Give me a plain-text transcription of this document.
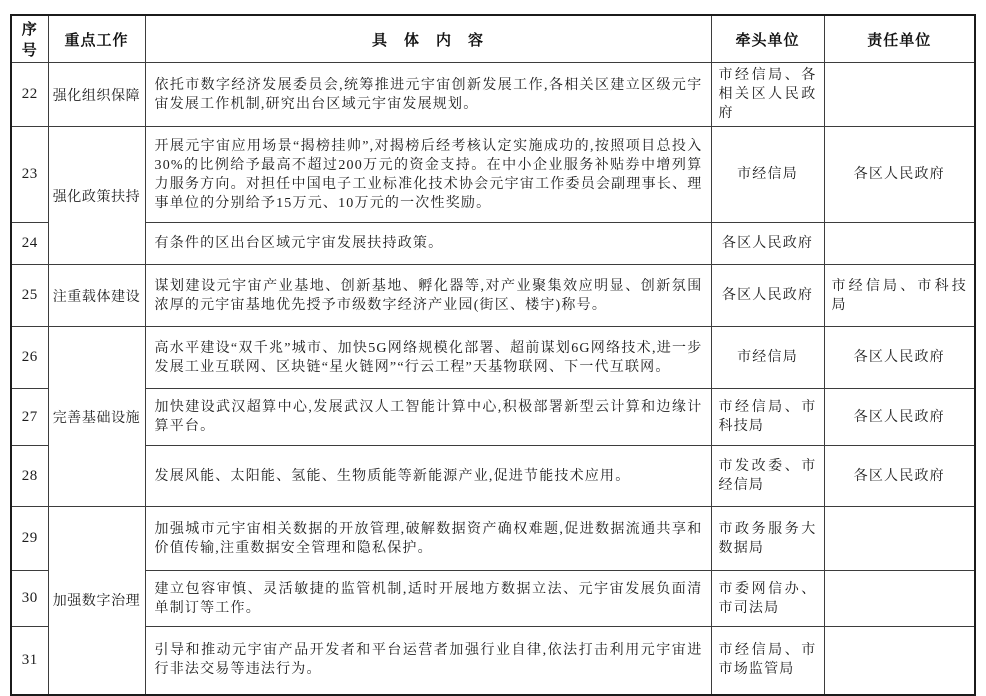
序号	重点工作	具　体　内　容	牵头单位	责任单位
22	强化组织保障	依托市数字经济发展委员会,统筹推进元宇宙创新发展工作,各相关区建立区级元宇宙发展工作机制,研究出台区域元宇宙发展规划。	市经信局、各相关区人民政府	
23	强化政策扶持	开展元宇宙应用场景“揭榜挂帅”,对揭榜后经考核认定实施成功的,按照项目总投入30%的比例给予最高不超过200万元的资金支持。在中小企业服务补贴券中增列算力服务方向。对担任中国电子工业标准化技术协会元宇宙工作委员会副理事长、理事单位的分别给予15万元、10万元的一次性奖励。	市经信局	各区人民政府
24		有条件的区出台区域元宇宙发展扶持政策。	各区人民政府	
25	注重载体建设	谋划建设元宇宙产业基地、创新基地、孵化器等,对产业聚集效应明显、创新氛围浓厚的元宇宙基地优先授予市级数字经济产业园(街区、楼宇)称号。	各区人民政府	市经信局、市科技局
26	完善基础设施	高水平建设“双千兆”城市、加快5G网络规模化部署、超前谋划6G网络技术,进一步发展工业互联网、区块链“星火链网”“行云工程”天基物联网、下一代互联网。	市经信局	各区人民政府
27		加快建设武汉超算中心,发展武汉人工智能计算中心,积极部署新型云计算和边缘计算平台。	市经信局、市科技局	各区人民政府
28		发展风能、太阳能、氢能、生物质能等新能源产业,促进节能技术应用。	市发改委、市经信局	各区人民政府
29	加强数字治理	加强城市元宇宙相关数据的开放管理,破解数据资产确权难题,促进数据流通共享和价值传输,注重数据安全管理和隐私保护。	市政务服务大数据局	
30		建立包容审慎、灵活敏捷的监管机制,适时开展地方数据立法、元宇宙发展负面清单制订等工作。	市委网信办、市司法局	
31		引导和推动元宇宙产品开发者和平台运营者加强行业自律,依法打击利用元宇宙进行非法交易等违法行为。	市经信局、市市场监管局	
